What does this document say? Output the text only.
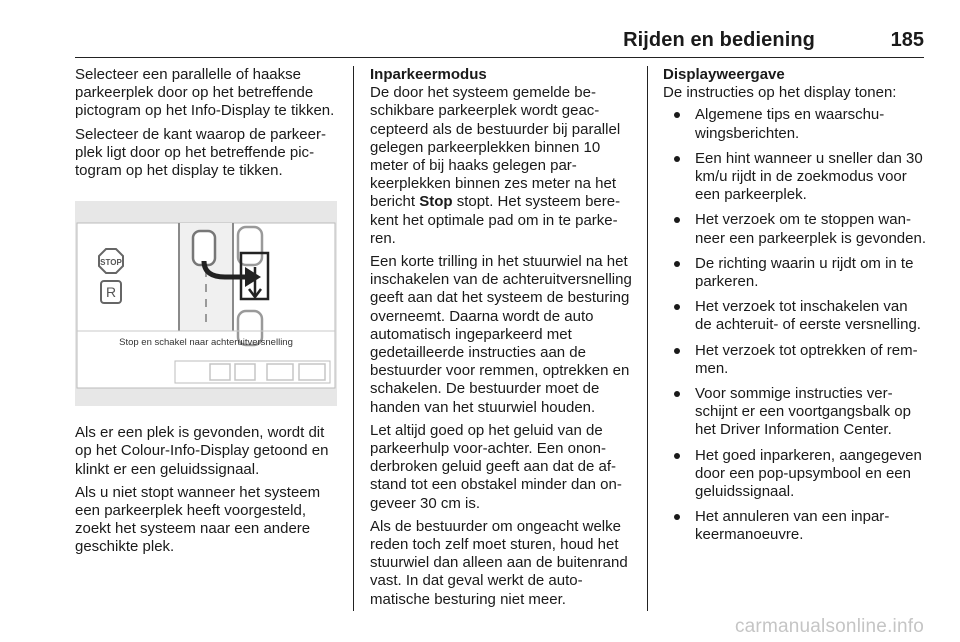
Rijden en bediening	185

Selecteer een parallelle of haakse parkeerplek door op het betreffende pictogram op het Info-Display te tikken.

Selecteer de kant waarop de parkeerplek ligt door op het betreffende pictogram op het display te tikken.

STOP
R
Stop en schakel naar achteruitversnelling

Als er een plek is gevonden, wordt dit op het Colour-Info-Display getoond en klinkt er een geluidssignaal.

Als u niet stopt wanneer het systeem een parkeerplek heeft voorgesteld, zoekt het systeem naar een andere geschikte plek.

Inparkeermodus

De door het systeem gemelde beschikbare parkeerplek wordt geaccepteerd als de bestuurder bij parallel gelegen parkeerplekken binnen 10 meter of bij haaks gelegen parkeerplekken binnen zes meter na het bericht Stop stopt. Het systeem berekent het optimale pad om in te parkeren.

Een korte trilling in het stuurwiel na het inschakelen van de achteruitversnelling geeft aan dat het systeem de besturing overneemt. Daarna wordt de auto automatisch ingeparkeerd met gedetailleerde instructies aan de bestuurder voor remmen, optrekken en schakelen. De bestuurder moet de handen van het stuurwiel houden.

Let altijd goed op het geluid van de parkeerhulp voor-achter. Een ononderbroken geluid geeft aan dat de afstand tot een obstakel minder dan ongeveer 30 cm is.

Als de bestuurder om ongeacht welke reden toch zelf moet sturen, houd het stuurwiel dan alleen aan de buitenrand vast. In dat geval werkt de automatische besturing niet meer.

Displayweergave
De instructies op het display tonen:
Algemene tips en waarschuwingsberichten.
Een hint wanneer u sneller dan 30 km/u rijdt in de zoekmodus voor een parkeerplek.
Het verzoek om te stoppen wanneer een parkeerplek is gevonden.
De richting waarin u rijdt om in te parkeren.
Het verzoek tot inschakelen van de achteruit- of eerste versnelling.
Het verzoek tot optrekken of remmen.
Voor sommige instructies verschijnt er een voortgangsbalk op het Driver Information Center.
Het goed inparkeren, aangegeven door een pop-upsymbool en een geluidssignaal.
Het annuleren van een inparkeermanoeuvre.
carmanualsonline.info
